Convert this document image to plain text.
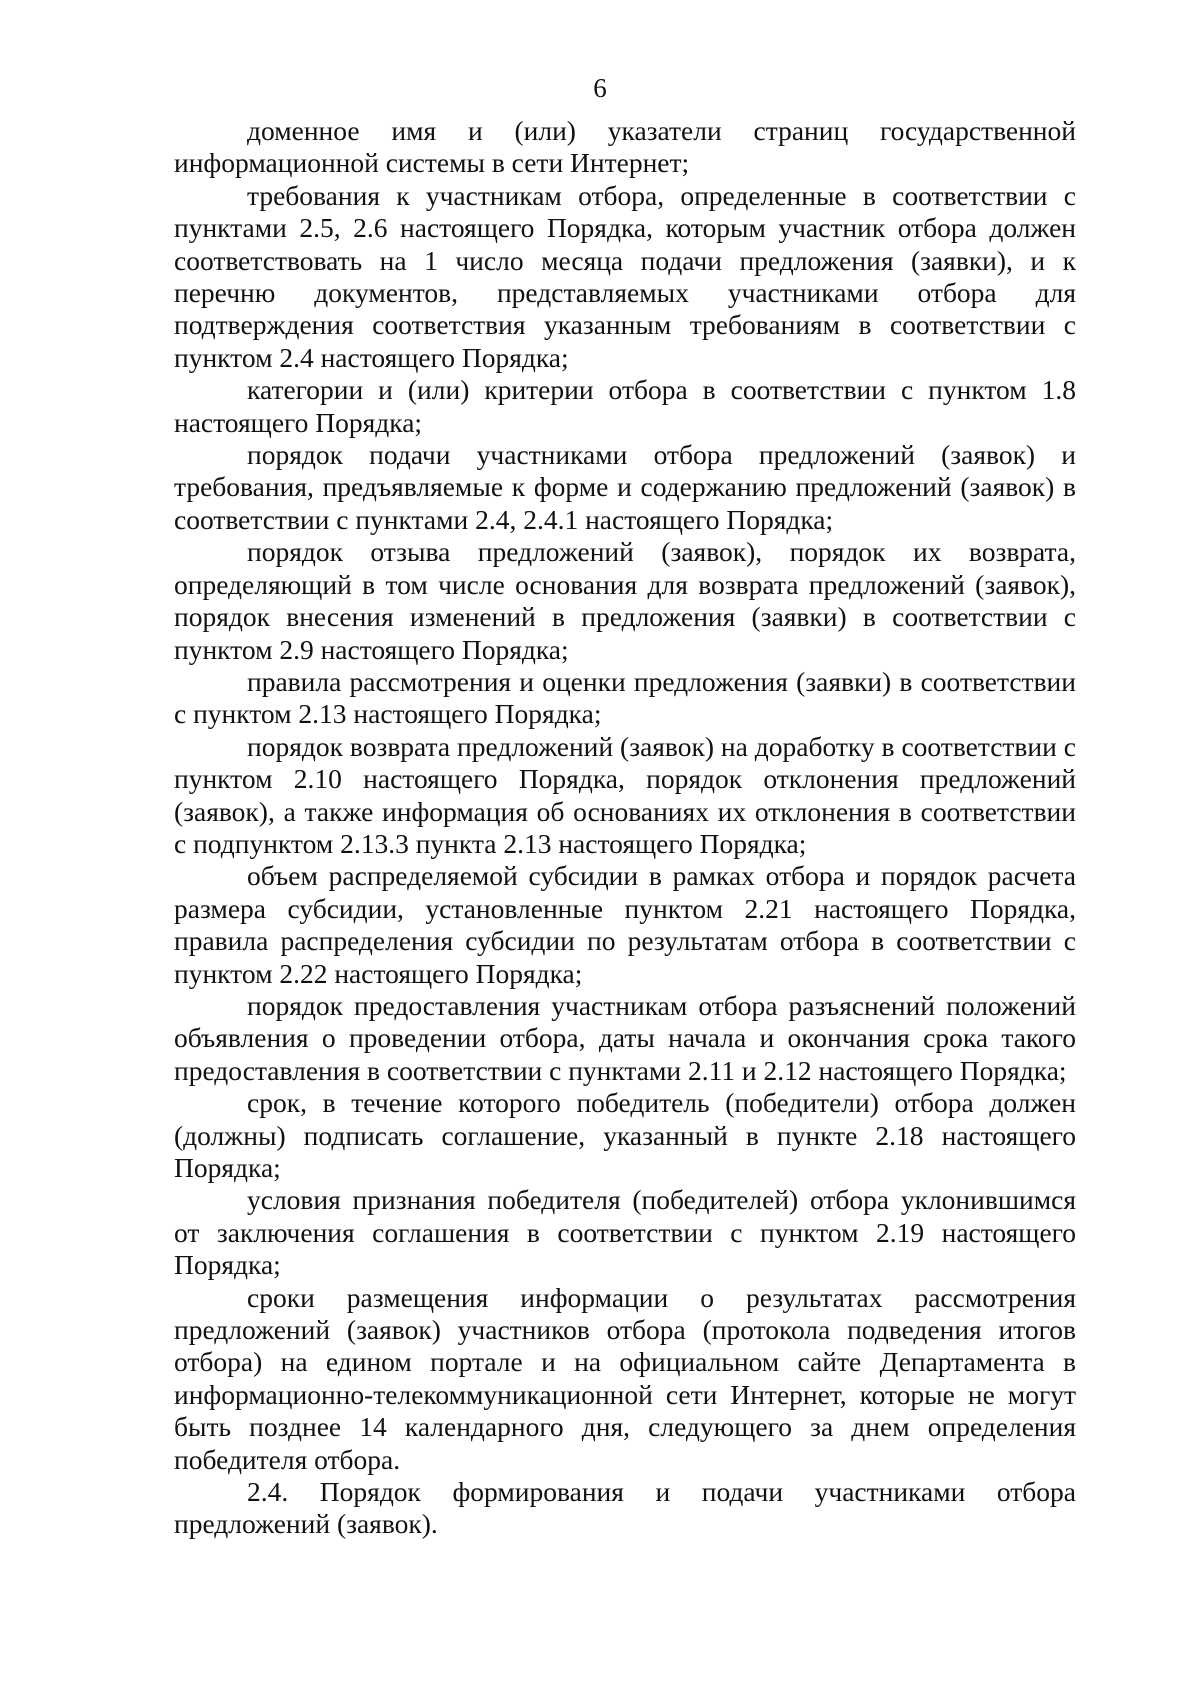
6

доменное имя и (или) указатели страниц государственной информационной системы в сети Интернет;

требования к участникам отбора, определенные в соответствии с пунктами 2.5, 2.6 настоящего Порядка, которым участник отбора должен соответствовать на 1 число месяца подачи предложения (заявки), и к перечню документов, представляемых участниками отбора для подтверждения соответствия указанным требованиям в соответствии с пунктом 2.4 настоящего Порядка;

категории и (или) критерии отбора в соответствии с пунктом 1.8 настоящего Порядка;

порядок подачи участниками отбора предложений (заявок) и требования, предъявляемые к форме и содержанию предложений (заявок) в соответствии с пунктами 2.4, 2.4.1 настоящего Порядка;

порядок отзыва предложений (заявок), порядок их возврата, определяющий в том числе основания для возврата предложений (заявок), порядок внесения изменений в предложения (заявки) в соответствии с пунктом 2.9 настоящего Порядка;

правила рассмотрения и оценки предложения (заявки) в соответствии с пунктом 2.13 настоящего Порядка;

порядок возврата предложений (заявок) на доработку в соответствии с пунктом 2.10 настоящего Порядка, порядок отклонения предложений (заявок), а также информация об основаниях их отклонения в соответствии с подпунктом 2.13.3 пункта 2.13 настоящего Порядка;

объем распределяемой субсидии в рамках отбора и порядок расчета размера субсидии, установленные пунктом 2.21 настоящего Порядка, правила распределения субсидии по результатам отбора в соответствии с пунктом 2.22 настоящего Порядка;

порядок предоставления участникам отбора разъяснений положений объявления о проведении отбора, даты начала и окончания срока такого предоставления в соответствии с пунктами 2.11 и 2.12 настоящего Порядка;

срок, в течение которого победитель (победители) отбора должен (должны) подписать соглашение, указанный в пункте 2.18 настоящего Порядка;

условия признания победителя (победителей) отбора уклонившимся от заключения соглашения в соответствии с пунктом 2.19 настоящего Порядка;

сроки размещения информации о результатах рассмотрения предложений (заявок) участников отбора (протокола подведения итогов отбора) на едином портале и на официальном сайте Департамента в информационно-телекоммуникационной сети Интернет, которые не могут быть позднее 14 календарного дня, следующего за днем определения победителя отбора.

2.4. Порядок формирования и подачи участниками отбора предложений (заявок).
